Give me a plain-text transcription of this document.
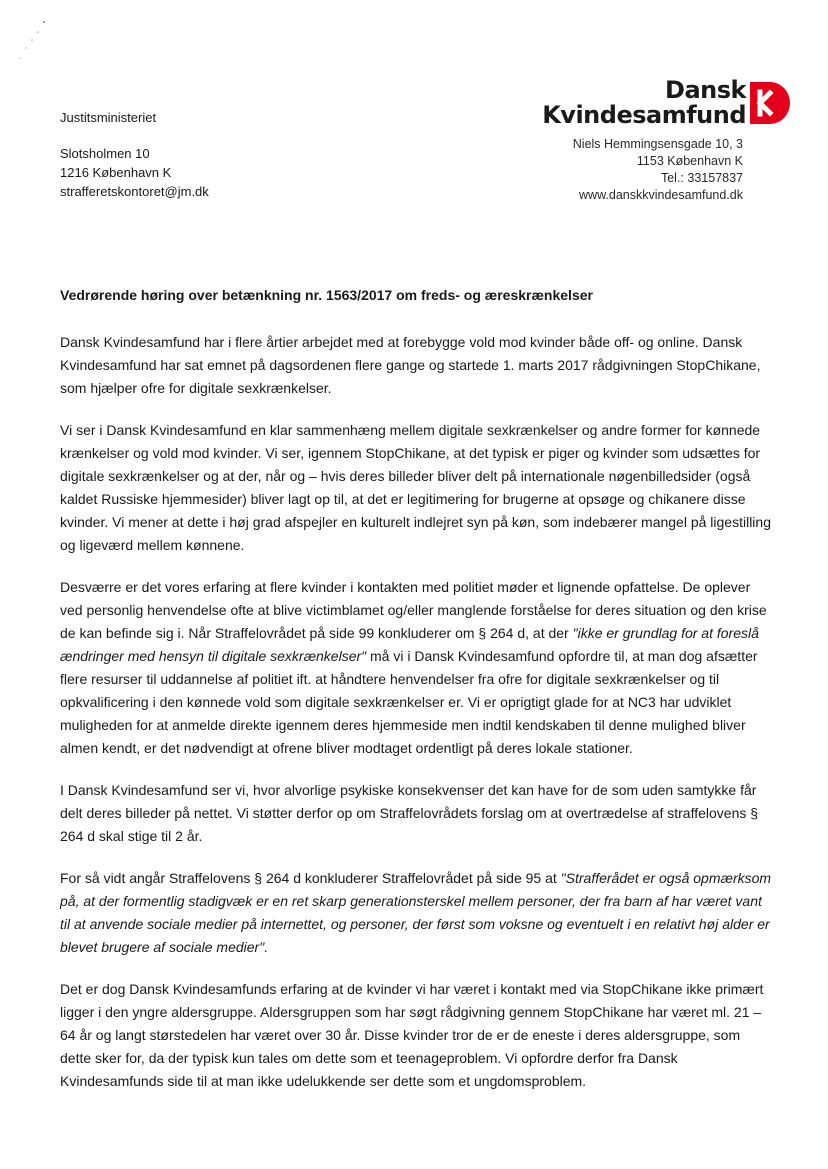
Justitsministeriet
Slotsholmen 10
1216 København K
strafferetskontoret@jm.dk
Dansk
Kvindesamfund
Niels Hemmingsensgade 10, 3
1153 København K
Tel.: 33157837
www.danskkvindesamfund.dk

Vedrørende høring over betænkning nr. 1563/2017 om freds- og æreskrænkelser

Dansk Kvindesamfund har i flere årtier arbejdet med at forebygge vold mod kvinder både off- og online. Dansk Kvindesamfund har sat emnet på dagsordenen flere gange og startede 1. marts 2017 rådgivningen StopChikane, som hjælper ofre for digitale sexkrænkelser.

Vi ser i Dansk Kvindesamfund en klar sammenhæng mellem digitale sexkrænkelser og andre former for kønnede krænkelser og vold mod kvinder. Vi ser, igennem StopChikane, at det typisk er piger og kvinder som udsættes for digitale sexkrænkelser og at der, når og – hvis deres billeder bliver delt på internationale nøgenbilledsider (også kaldet Russiske hjemmesider) bliver lagt op til, at det er legitimering for brugerne at opsøge og chikanere disse kvinder. Vi mener at dette i høj grad afspejler en kulturelt indlejret syn på køn, som indebærer mangel på ligestilling og ligeværd mellem kønnene.

Desværre er det vores erfaring at flere kvinder i kontakten med politiet møder et lignende opfattelse. De oplever ved personlig henvendelse ofte at blive victimblamet og/eller manglende forståelse for deres situation og den krise de kan befinde sig i. Når Straffelovrådet på side 99 konkluderer om § 264 d, at der "ikke er grundlag for at foreslå ændringer med hensyn til digitale sexkrænkelser" må vi i Dansk Kvindesamfund opfordre til, at man dog afsætter flere resurser til uddannelse af politiet ift. at håndtere henvendelser fra ofre for digitale sexkrænkelser og til opkvalificering i den kønnede vold som digitale sexkrænkelser er. Vi er oprigtigt glade for at NC3 har udviklet muligheden for at anmelde direkte igennem deres hjemmeside men indtil kendskaben til denne mulighed bliver almen kendt, er det nødvendigt at ofrene bliver modtaget ordentligt på deres lokale stationer.

I Dansk Kvindesamfund ser vi, hvor alvorlige psykiske konsekvenser det kan have for de som uden samtykke får delt deres billeder på nettet. Vi støtter derfor op om Straffelovrådets forslag om at overtrædelse af straffelovens § 264 d skal stige til 2 år.

For så vidt angår Straffelovens § 264 d konkluderer Straffelovrådet på side 95 at "Strafferådet er også opmærksom på, at der formentlig stadigvæk er en ret skarp generationsterskel mellem personer, der fra barn af har været vant til at anvende sociale medier på internettet, og personer, der først som voksne og eventuelt i en relativt høj alder er blevet brugere af sociale medier".

Det er dog Dansk Kvindesamfunds erfaring at de kvinder vi har været i kontakt med via StopChikane ikke primært ligger i den yngre aldersgruppe. Aldersgruppen som har søgt rådgivning gennem StopChikane har været ml. 21 – 64 år og langt størstedelen har været over 30 år. Disse kvinder tror de er de eneste i deres aldersgruppe, som dette sker for, da der typisk kun tales om dette som et teenageproblem. Vi opfordre derfor fra Dansk Kvindesamfunds side til at man ikke udelukkende ser dette som et ungdomsproblem.
